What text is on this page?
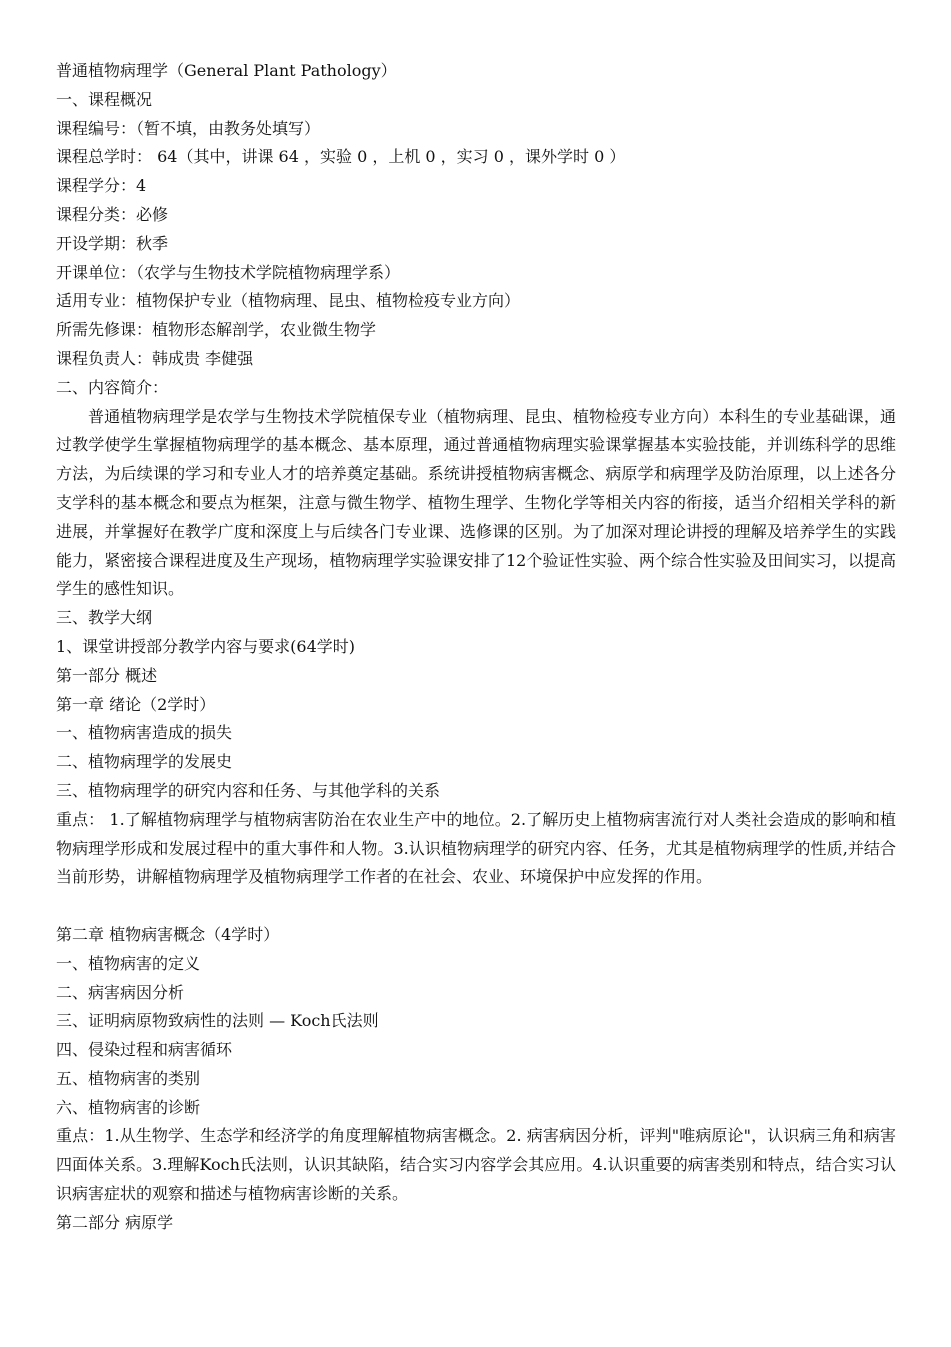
普通植物病理学（General Plant Pathology）
一、课程概况
课程编号：（暂不填，由教务处填写）
课程总学时： 64（其中，讲课 64 ，实验 0 ，上机 0 ，实习 0 ，课外学时 0 ）
课程学分：4
课程分类：必修
开设学期：秋季
开课单位：（农学与生物技术学院植物病理学系）
适用专业：植物保护专业（植物病理、昆虫、植物检疫专业方向）
所需先修课：植物形态解剖学，农业微生物学
课程负责人：韩成贵 李健强
二、内容简介：

普通植物病理学是农学与生物技术学院植保专业（植物病理、昆虫、植物检疫专业方向）本科生的专业基础课，通过教学使学生掌握植物病理学的基本概念、基本原理，通过普通植物病理实验课掌握基本实验技能，并训练科学的思维方法，为后续课的学习和专业人才的培养奠定基础。系统讲授植物病害概念、病原学和病理学及防治原理，以上述各分支学科的基本概念和要点为框架，注意与微生物学、植物生理学、生物化学等相关内容的衔接，适当介绍相关学科的新进展，并掌握好在教学广度和深度上与后续各门专业课、选修课的区别。为了加深对理论讲授的理解及培养学生的实践能力，紧密接合课程进度及生产现场，植物病理学实验课安排了12个验证性实验、两个综合性实验及田间实习，以提高学生的感性知识。

三、教学大纲
1、课堂讲授部分教学内容与要求(64学时)
第一部分 概述
第一章 绪论（2学时）
一、植物病害造成的损失
二、植物病理学的发展史
三、植物病理学的研究内容和任务、与其他学科的关系

重点： 1.了解植物病理学与植物病害防治在农业生产中的地位。2.了解历史上植物病害流行对人类社会造成的影响和植物病理学形成和发展过程中的重大事件和人物。3.认识植物病理学的研究内容、任务，尤其是植物病理学的性质,并结合当前形势，讲解植物病理学及植物病理学工作者的在社会、农业、环境保护中应发挥的作用。

第二章 植物病害概念（4学时）
一、植物病害的定义
二、病害病因分析
三、证明病原物致病性的法则 — Koch氏法则
四、侵染过程和病害循环
五、植物病害的类别
六、植物病害的诊断

重点：1.从生物学、生态学和经济学的角度理解植物病害概念。2. 病害病因分析，评判"唯病原论"，认识病三角和病害四面体关系。3.理解Koch氏法则，认识其缺陷，结合实习内容学会其应用。4.认识重要的病害类别和特点，结合实习认识病害症状的观察和描述与植物病害诊断的关系。

第二部分 病原学
